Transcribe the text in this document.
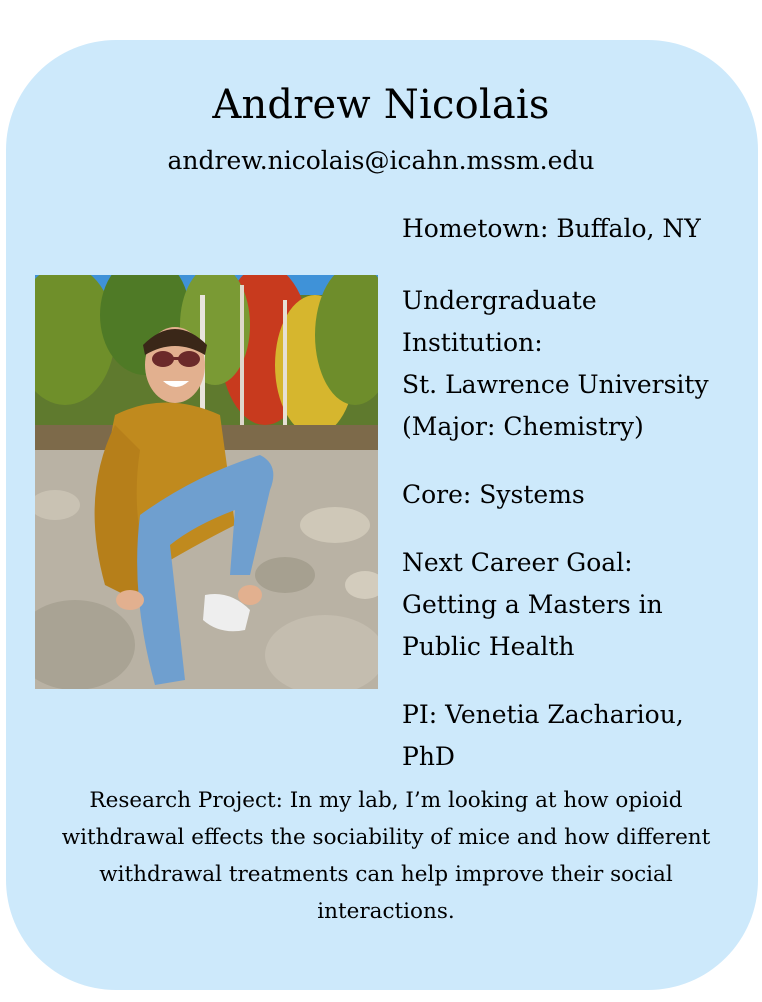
Andrew Nicolais
andrew.nicolais@icahn.mssm.edu

Hometown: Buffalo, NY

Undergraduate
Institution:
St. Lawrence University
(Major: Chemistry)

Core: Systems

Next Career Goal:
Getting a Masters in
Public Health

PI: Venetia Zachariou,
PhD

Research Project: In my lab, I’m looking at how opioid withdrawal effects the sociability of mice and how different withdrawal treatments can help improve their social interactions.
